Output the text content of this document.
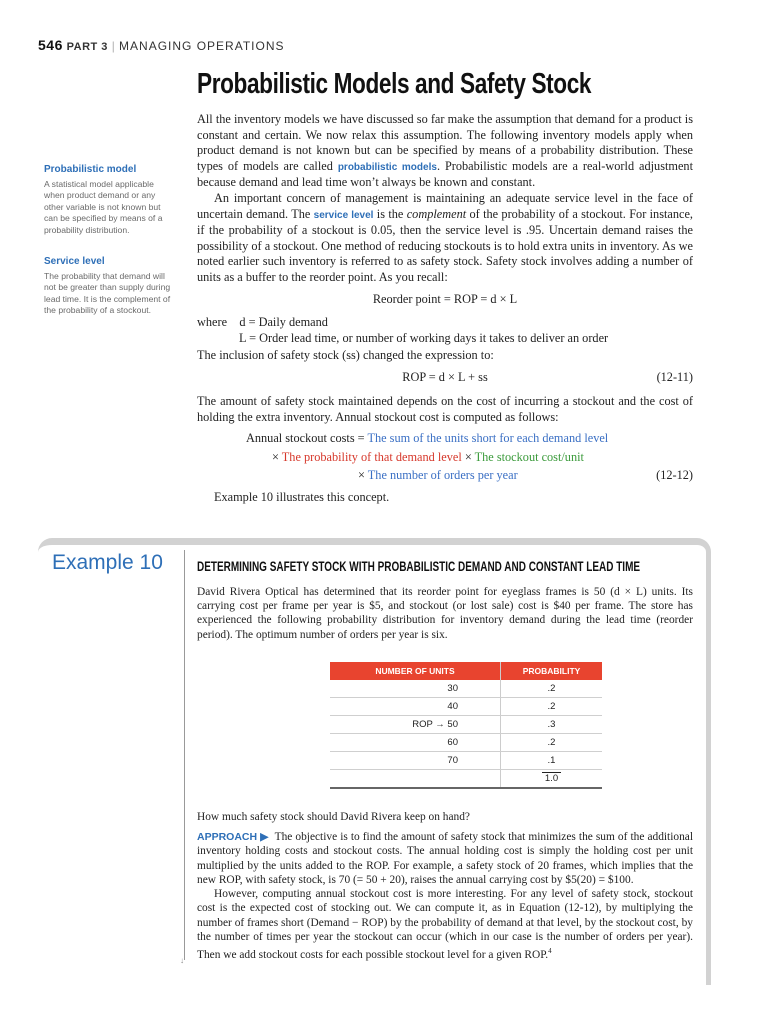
546 PART 3 | MANAGING OPERATIONS
Probabilistic Models and Safety Stock
Probabilistic model
A statistical model applicable when product demand or any other variable is not known but can be specified by means of a probability distribution.
Service level
The probability that demand will not be greater than supply during lead time. It is the complement of the probability of a stockout.

All the inventory models we have discussed so far make the assumption that demand for a product is constant and certain. We now relax this assumption. The following inventory models apply when product demand is not known but can be specified by means of a probability distribution. These types of models are called probabilistic models. Probabilistic models are a real-world adjustment because demand and lead time won’t always be known and constant.

An important concern of management is maintaining an adequate service level in the face of uncertain demand. The service level is the complement of the probability of a stockout. For instance, if the probability of a stockout is 0.05, then the service level is .95. Uncertain demand raises the possibility of a stockout. One method of reducing stockouts is to hold extra units in inventory. As we noted earlier such inventory is referred to as safety stock. Safety stock involves adding a number of units as a buffer to the reorder point. As you recall:

Reorder point = ROP = d × L
where d = Daily demand
L = Order lead time, or number of working days it takes to deliver an order

The inclusion of safety stock (ss) changed the expression to:

ROP = d × L + ss	(12-11)

The amount of safety stock maintained depends on the cost of incurring a stockout and the cost of holding the extra inventory. Annual stockout cost is computed as follows:

Annual stockout costs = The sum of the units short for each demand level
× The probability of that demand level × The stockout cost/unit
× The number of orders per year	(12-12)

Example 10 illustrates this concept.

Example 10
↓
DETERMINING SAFETY STOCK WITH PROBABILISTIC DEMAND AND CONSTANT LEAD TIME

David Rivera Optical has determined that its reorder point for eyeglass frames is 50 (d × L) units. Its carrying cost per frame per year is $5, and stockout (or lost sale) cost is $40 per frame. The store has experienced the following probability distribution for inventory demand during the lead time (reorder period). The optimum number of orders per year is six.

NUMBER OF UNITS	PROBABILITY
30	.2
40	.2
ROP → 50	.3
60	.2
70	.1
	1.0
How much safety stock should David Rivera keep on hand?

APPROACH ▶ The objective is to find the amount of safety stock that minimizes the sum of the additional inventory holding costs and stockout costs. The annual holding cost is simply the holding cost per unit multiplied by the units added to the ROP. For example, a safety stock of 20 frames, which implies that the new ROP, with safety stock, is 70 (= 50 + 20), raises the annual carrying cost by $5(20) = $100.

However, computing annual stockout cost is more interesting. For any level of safety stock, stockout cost is the expected cost of stocking out. We can compute it, as in Equation (12-12), by multiplying the number of frames short (Demand − ROP) by the probability of demand at that level, by the stockout cost, by the number of times per year the stockout can occur (which in our case is the number of orders per year). Then we add stockout costs for each possible stockout level for a given ROP.$^4$
